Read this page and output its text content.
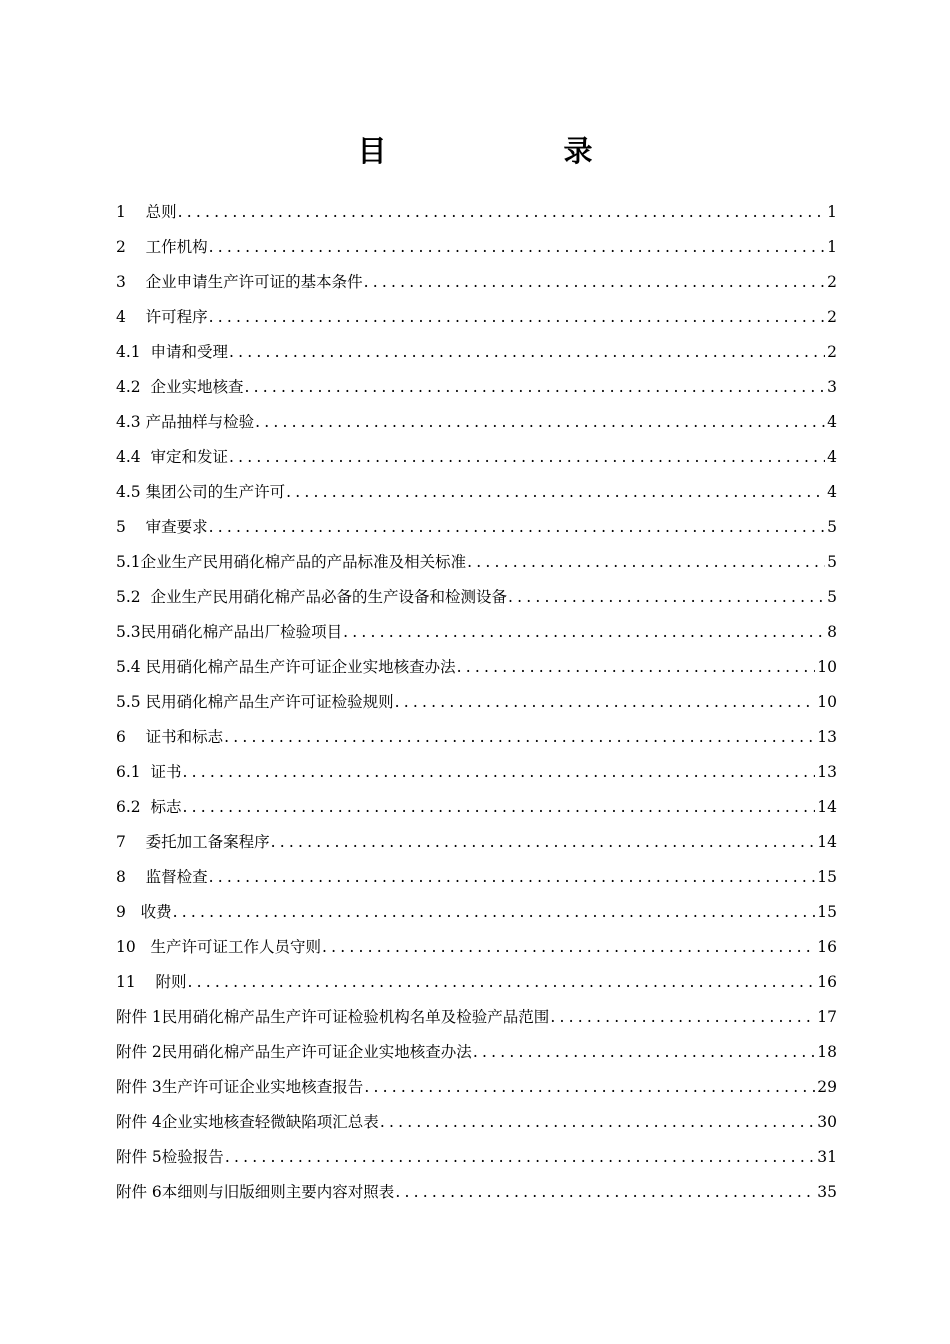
目　录
1
总则 .....	1
2
工作机构 .....	1
3
企业申请生产许可证的基本条件 .....	2
4
许可程序 .....	2
4.1
申请和受理 .....	2
4.2
企业实地核查 .....	3
4.3
产品抽样与检验 .....	4
4.4
审定和发证 .....	4
4.5
集团公司的生产许可 .....	4
5
审查要求 .....	5
5.1 企业生产民用硝化棉产品的产品标准及相关标准 .....	5
5.2
企业生产民用硝化棉产品必备的生产设备和检测设备 .....	5
5.3 民用硝化棉产品出厂检验项目 .....	8
5.4
民用硝化棉产品生产许可证企业实地核查办法 .....	10
5.5
民用硝化棉产品生产许可证检验规则 .....	10
6
证书和标志 .....	13
6.1
证书 .....	13
6.2
标志 .....	14
7
委托加工备案程序 .....	14
8
监督检查 .....	15
9
收费 .....	15
10
生产许可证工作人员守则 .....	16
11
附则 .....	16
附件 1 民用硝化棉产品生产许可证检验机构名单及检验产品范围 .....	17
附件 2 民用硝化棉产品生产许可证企业实地核查办法 .....	18
附件 3 生产许可证企业实地核查报告 .....	29
附件 4 企业实地核查轻微缺陷项汇总表 .....	30
附件 5 检验报告 .....	31
附件 6 本细则与旧版细则主要内容对照表 .....	35
